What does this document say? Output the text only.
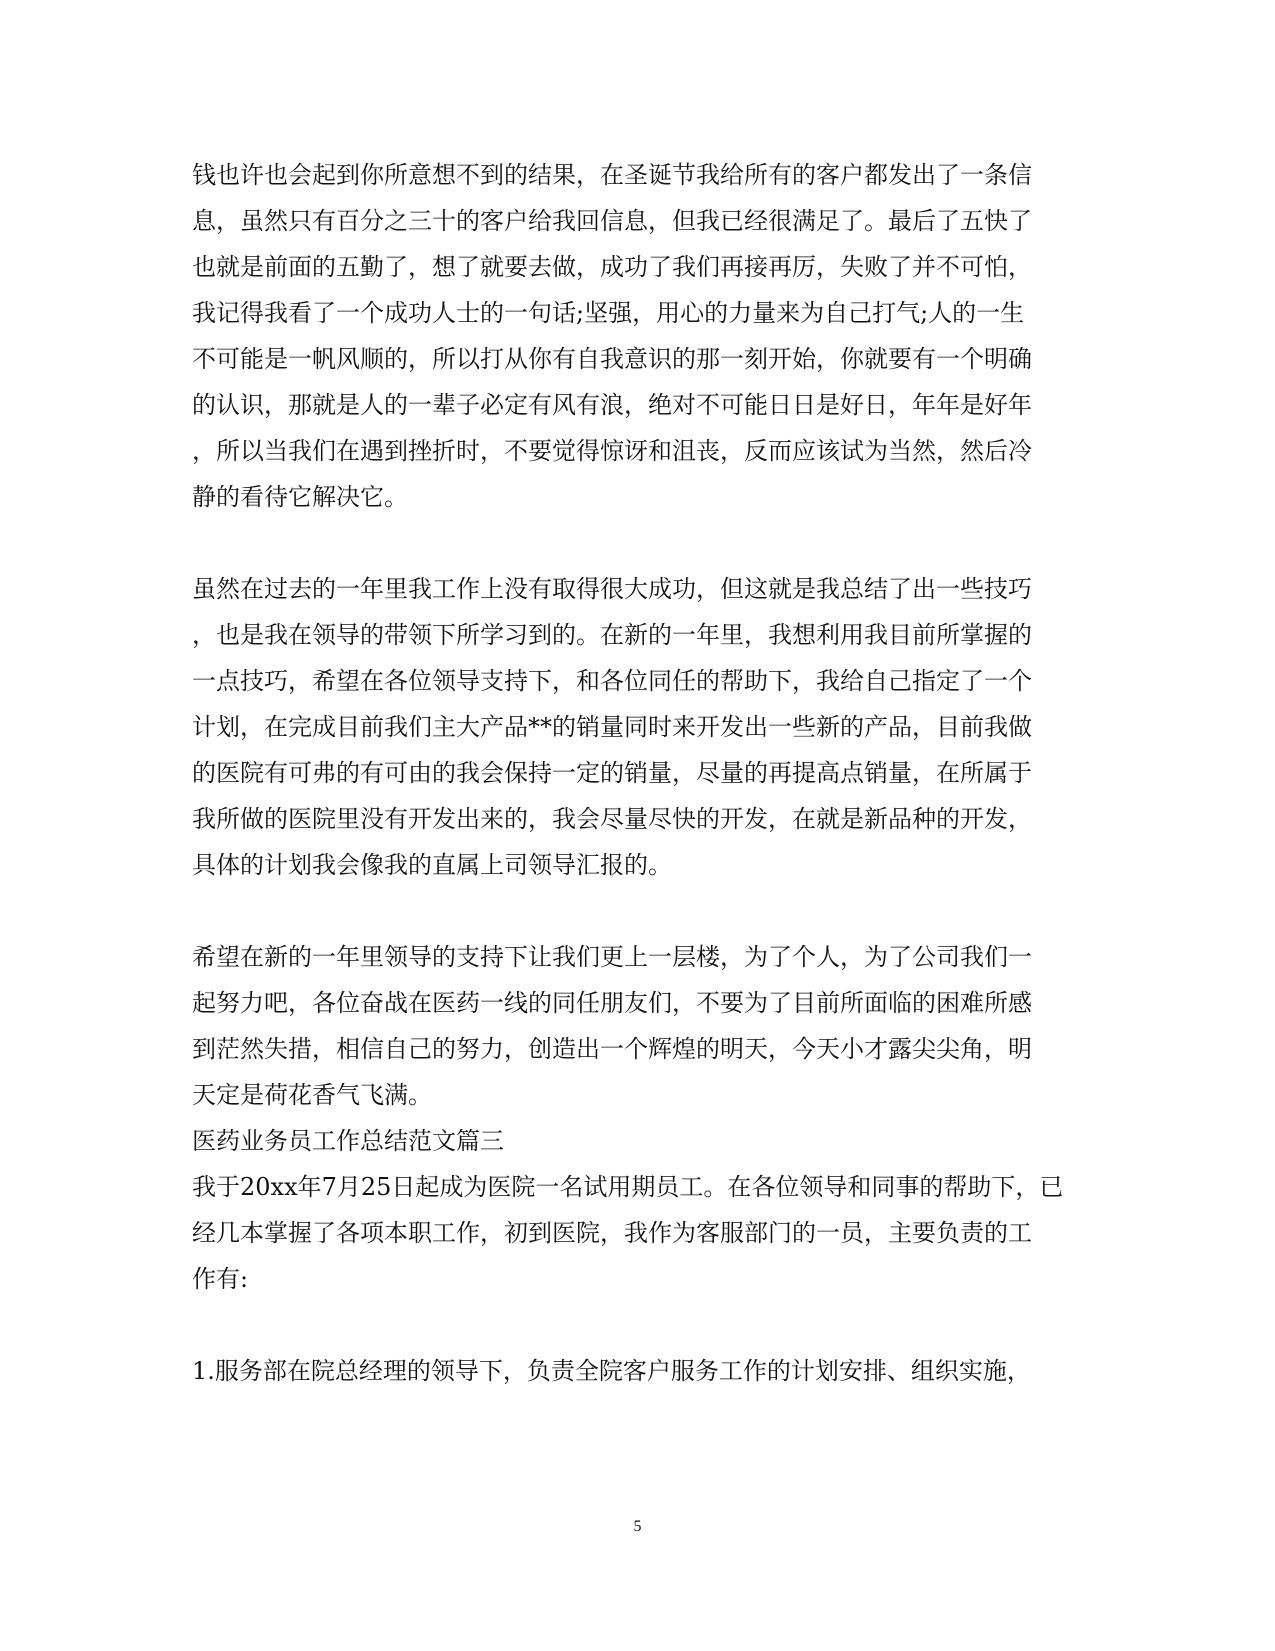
钱也许也会起到你所意想不到的结果，在圣诞节我给所有的客户都发出了一条信
息，虽然只有百分之三十的客户给我回信息，但我已经很满足了。最后了五快了
也就是前面的五勤了，想了就要去做，成功了我们再接再厉，失败了并不可怕，
我记得我看了一个成功人士的一句话;坚强，用心的力量来为自己打气;人的一生
不可能是一帆风顺的，所以打从你有自我意识的那一刻开始，你就要有一个明确
的认识，那就是人的一辈子必定有风有浪，绝对不可能日日是好日，年年是好年
，所以当我们在遇到挫折时，不要觉得惊讶和沮丧，反而应该试为当然，然后冷
静的看待它解决它。
虽然在过去的一年里我工作上没有取得很大成功，但这就是我总结了出一些技巧
，也是我在领导的带领下所学习到的。在新的一年里，我想利用我目前所掌握的
一点技巧，希望在各位领导支持下，和各位同任的帮助下，我给自己指定了一个
计划，在完成目前我们主大产品**的销量同时来开发出一些新的产品，目前我做
的医院有可弗的有可由的我会保持一定的销量，尽量的再提高点销量，在所属于
我所做的医院里没有开发出来的，我会尽量尽快的开发，在就是新品种的开发，
具体的计划我会像我的直属上司领导汇报的。
希望在新的一年里领导的支持下让我们更上一层楼，为了个人，为了公司我们一
起努力吧，各位奋战在医药一线的同任朋友们，不要为了目前所面临的困难所感
到茫然失措，相信自己的努力，创造出一个辉煌的明天，今天小才露尖尖角，明
天定是荷花香气飞满。
医药业务员工作总结范文篇三
我于20xx年7月25日起成为医院一名试用期员工。在各位领导和同事的帮助下，已
经几本掌握了各项本职工作，初到医院，我作为客服部门的一员，主要负责的工
作有:
1.服务部在院总经理的领导下，负责全院客户服务工作的计划安排、组织实施，
5
